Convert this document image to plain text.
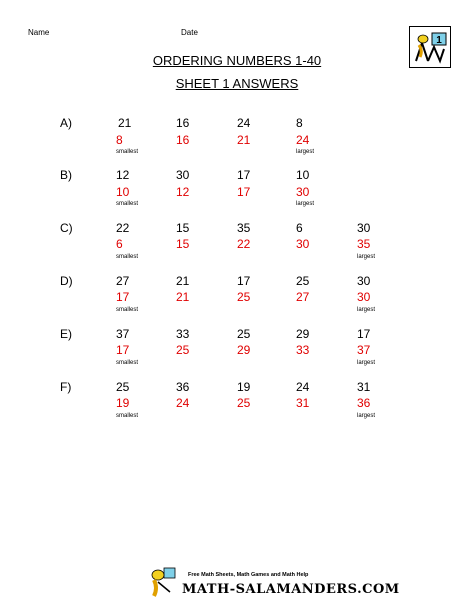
Name	Date
1
ORDERING NUMBERS 1-40
SHEET 1 ANSWERS
A)	21	16	24	8
8	16	21	24
smallest	largest
B)	12	30	17	10
10	12	17	30
smallest	largest
C)	22	15	35	6	30
6	15	22	30	35
smallest	largest
D)	27	21	17	25	30
17	21	25	27	30
smallest	largest
E)	37	33	25	29	17
17	25	29	33	37
smallest	largest
F)	25	36	19	24	31
19	24	25	31	36
smallest	largest
Free Math Sheets, Math Games and Math Help
MATH-SALAMANDERS.COM
